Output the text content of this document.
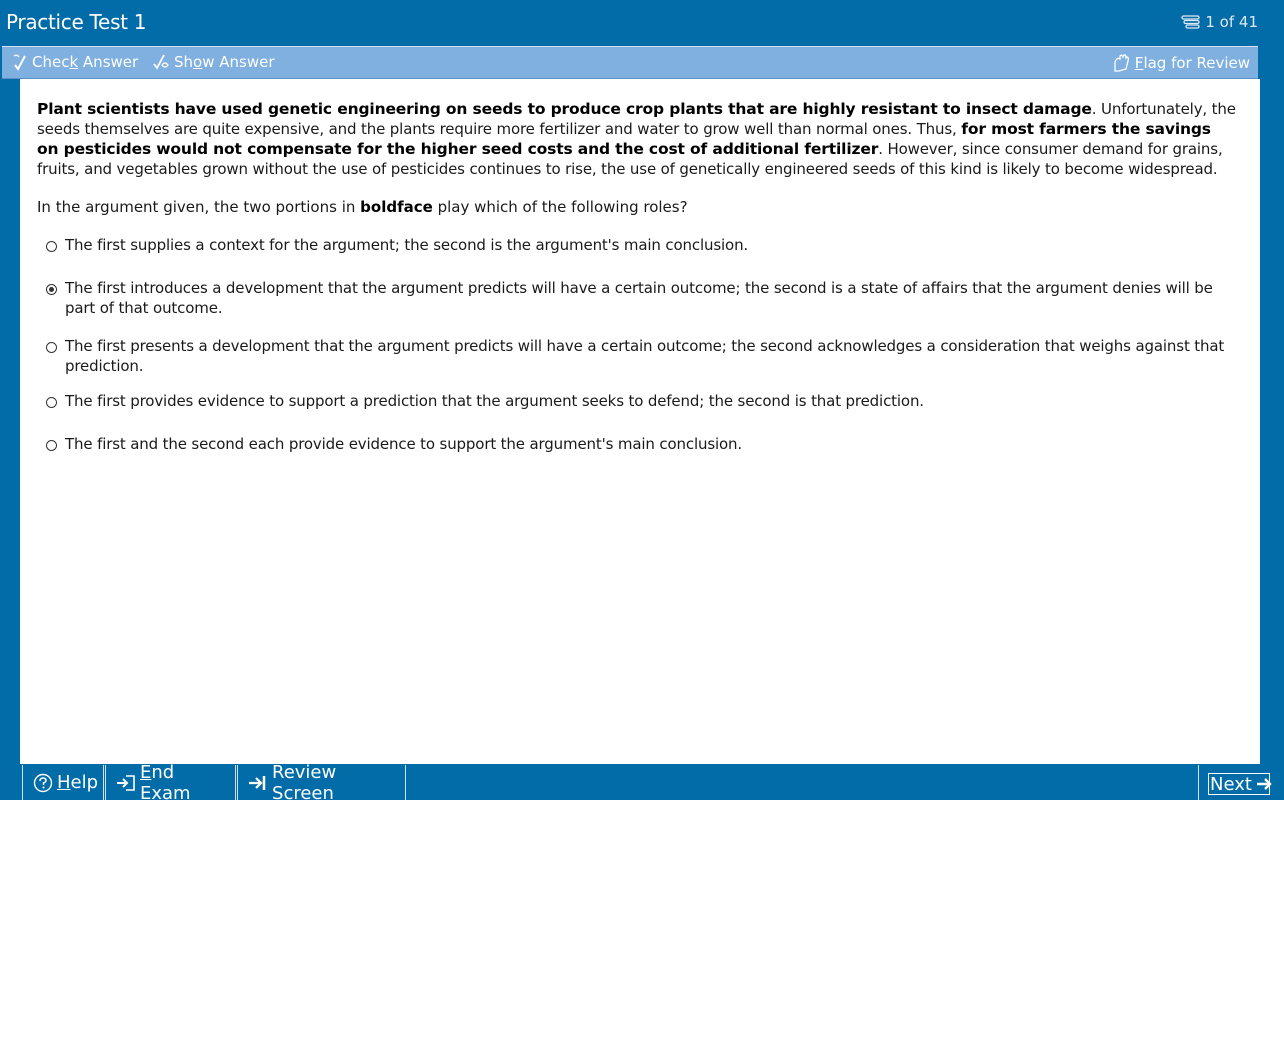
Practice Test 1	1 of 41
Check Answer Show Answer	Flag for Review
Plant scientists have used genetic engineering on seeds to produce crop plants that are highly resistant to insect damage. Unfortunately, the seeds themselves are quite expensive, and the plants require more fertilizer and water to grow well than normal ones. Thus, for most farmers the savings on pesticides would not compensate for the higher seed costs and the cost of additional fertilizer. However, since consumer demand for grains, fruits, and vegetables grown without the use of pesticides continues to rise, the use of genetically engineered seeds of this kind is likely to become widespread.
In the argument given, the two portions in boldface play which of the following roles?
The first supplies a context for the argument; the second is the argument's main conclusion.
The first introduces a development that the argument predicts will have a certain outcome; the second is a state of affairs that the argument denies will be part of that outcome.
The first presents a development that the argument predicts will have a certain outcome; the second acknowledges a consideration that weighs against that prediction.
The first provides evidence to support a prediction that the argument seeks to defend; the second is that prediction.
The first and the second each provide evidence to support the argument's main conclusion.
Help End Exam
Review Screen	Next
